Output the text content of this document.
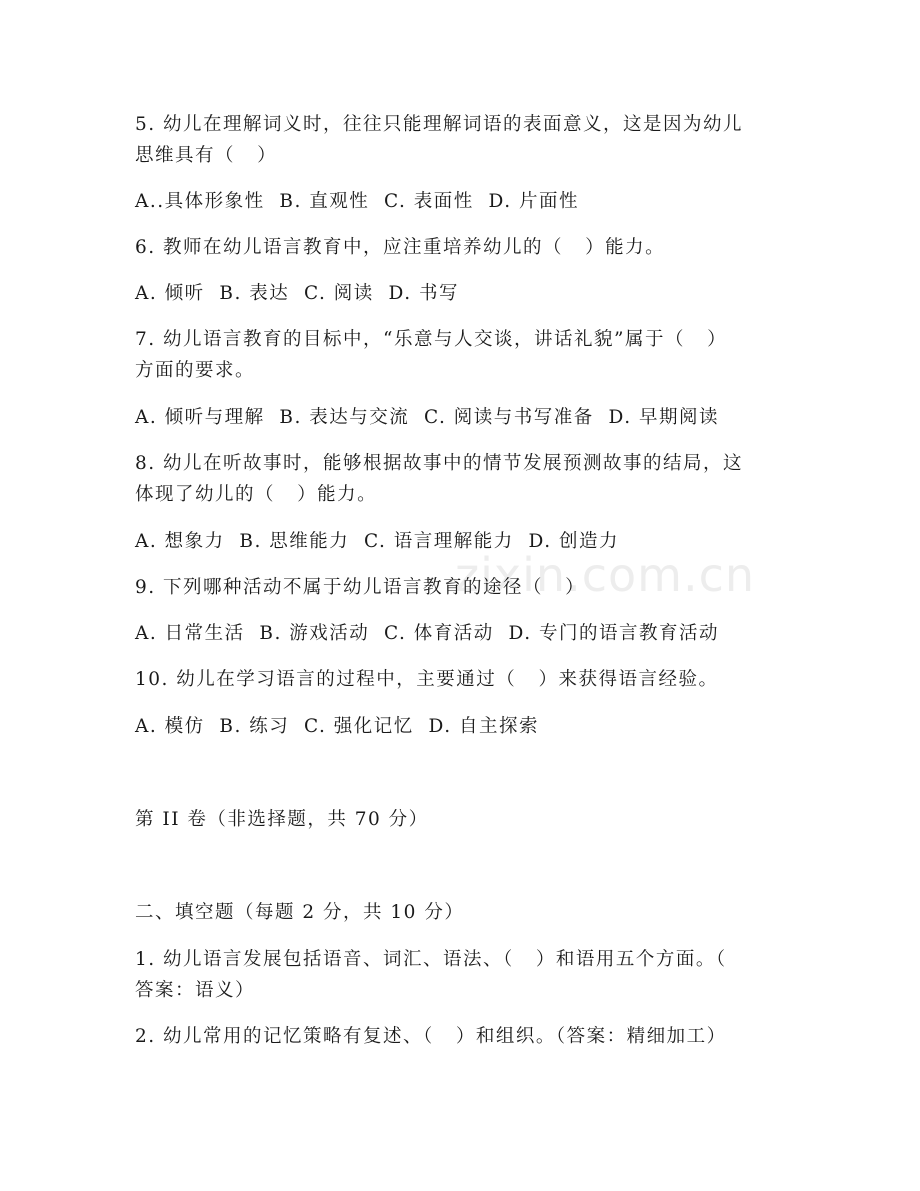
zixin.com.cn
5. 幼儿在理解词义时，往往只能理解词语的表面意义，这是因为幼儿
思维具有（   ）
A..具体形象性  B. 直观性  C. 表面性  D. 片面性
6. 教师在幼儿语言教育中，应注重培养幼儿的（   ）能力。
A. 倾听  B. 表达  C. 阅读  D. 书写
7. 幼儿语言教育的目标中，“乐意与人交谈，讲话礼貌”属于（   ）
方面的要求。
A. 倾听与理解  B. 表达与交流  C. 阅读与书写准备  D. 早期阅读
8. 幼儿在听故事时，能够根据故事中的情节发展预测故事的结局，这
体现了幼儿的（   ）能力。
A. 想象力  B. 思维能力  C. 语言理解能力  D. 创造力
9. 下列哪种活动不属于幼儿语言教育的途径（   ）
A. 日常生活  B. 游戏活动  C. 体育活动  D. 专门的语言教育活动
10. 幼儿在学习语言的过程中，主要通过（   ）来获得语言经验。
A. 模仿  B. 练习  C. 强化记忆  D. 自主探索
第 II 卷（非选择题，共 70 分）
二、填空题（每题 2 分，共 10 分）
1. 幼儿语言发展包括语音、词汇、语法、（   ）和语用五个方面。（
答案：语义）
2. 幼儿常用的记忆策略有复述、（   ）和组织。（答案：精细加工）
